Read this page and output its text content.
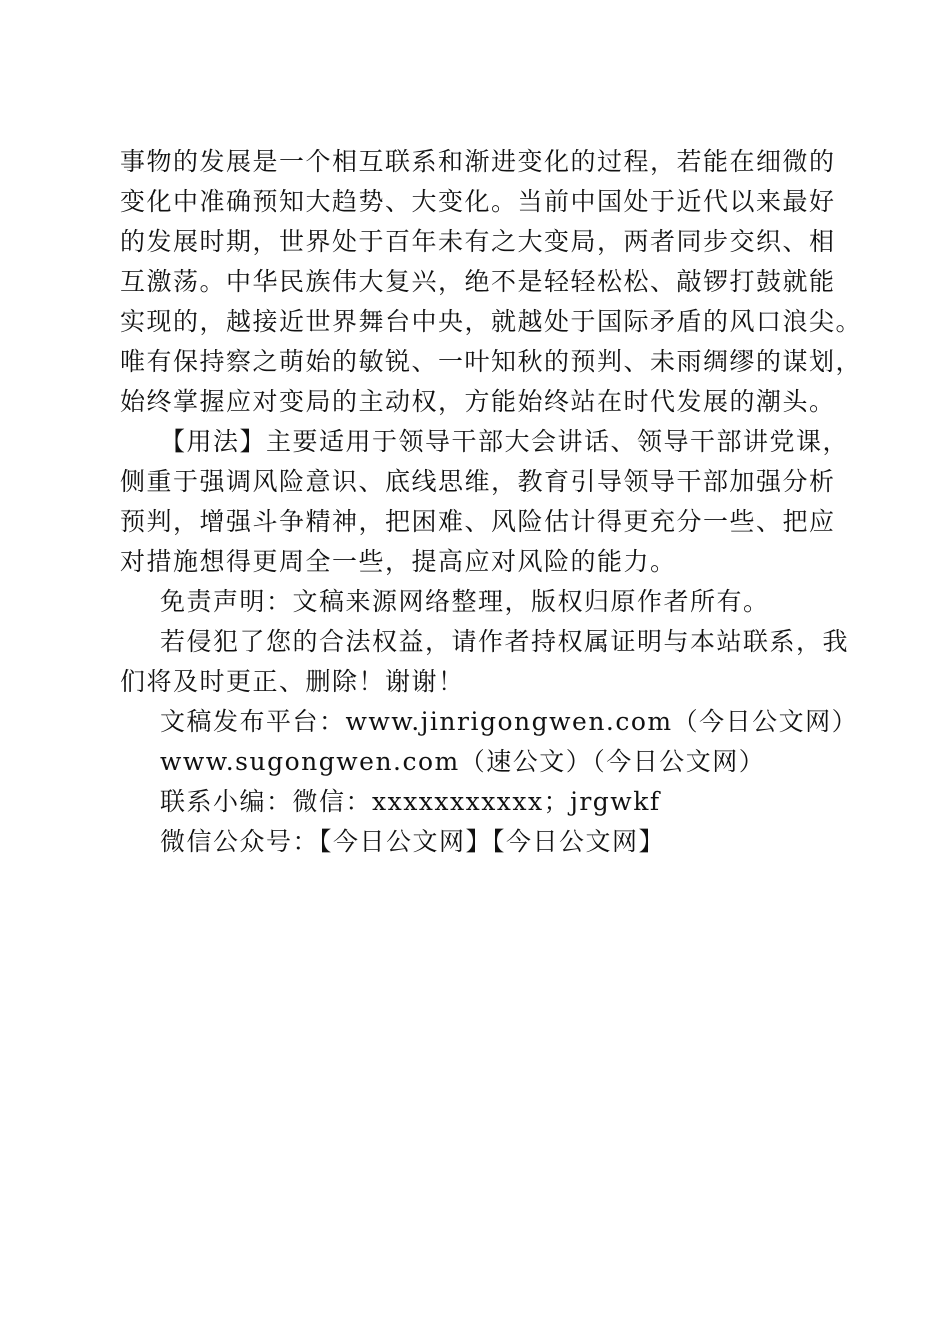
事物的发展是一个相互联系和渐进变化的过程，若能在细微的
变化中准确预知大趋势、大变化。当前中国处于近代以来最好
的发展时期，世界处于百年未有之大变局，两者同步交织、相
互激荡。中华民族伟大复兴，绝不是轻轻松松、敲锣打鼓就能
实现的，越接近世界舞台中央，就越处于国际矛盾的风口浪尖。
唯有保持察之萌始的敏锐、一叶知秋的预判、未雨绸缪的谋划，
始终掌握应对变局的主动权，方能始终站在时代发展的潮头。
【用法】主要适用于领导干部大会讲话、领导干部讲党课，
侧重于强调风险意识、底线思维，教育引导领导干部加强分析
预判，增强斗争精神，把困难、风险估计得更充分一些、把应
对措施想得更周全一些，提高应对风险的能力。
免责声明：文稿来源网络整理，版权归原作者所有。
若侵犯了您的合法权益，请作者持权属证明与本站联系，我
们将及时更正、删除！谢谢！
文稿发布平台：www.jinrigongwen.com（今日公文网）
www.sugongwen.com（速公文）（今日公文网）
联系小编：微信：xxxxxxxxxxx；jrgwkf
微信公众号：【今日公文网】【今日公文网】
